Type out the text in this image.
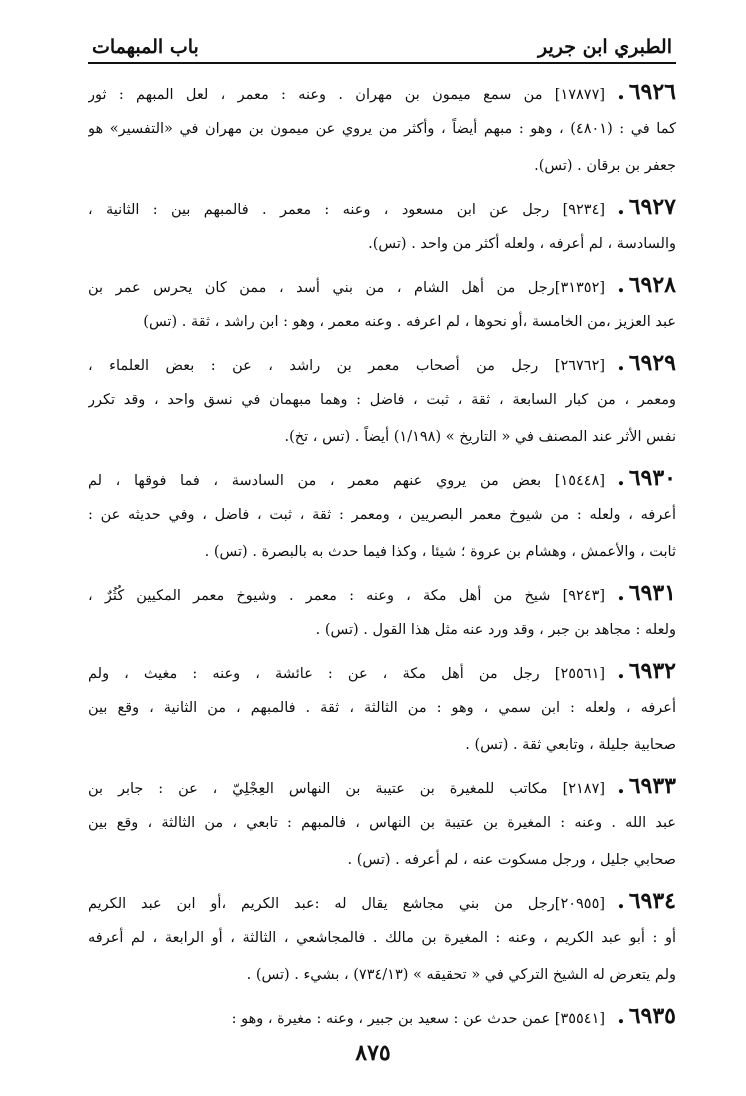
الطبري ابن جرير
باب المبهمات
٦٩٢٦.[١٧٨٧٧] من سمع ميمون بن مهران . وعنه : معمر ، لعل المبهم : ثور
كما في : (٤٨٠١) ، وهو : مبهم أيضاً ، وأكثر من يروي عن ميمون بن مهران في «التفسير» هو
جعفر بن برقان . (تس).
٦٩٢٧.[٩٢٣٤] رجل عن ابن مسعود ، وعنه : معمر . فالمبهم بين : الثانية ،
والسادسة ، لم أعرفه ، ولعله أكثر من واحد . (تس).
٦٩٢٨.[٣١٣٥٢]رجل من أهل الشام ، من بني أسد ، ممن كان يحرس عمر بن
عبد العزيز ،من الخامسة ،أو نحوها ، لم اعرفه . وعنه معمر ، وهو : ابن راشد ، ثقة . (تس)
٦٩٢٩.[٢٦٧٦٢] رجل من أصحاب معمر بن راشد ، عن : بعض العلماء ،
ومعمر ، من كبار السابعة ، ثقة ، ثبت ، فاضل : وهما مبهمان في نسق واحد ، وقد تكرر
نفس الأثر عند المصنف في « التاريخ » (١/١٩٨) أيضاً . (تس ، تخ).
٦٩٣٠.[١٥٤٤٨] بعض من يروي عنهم معمر ، من السادسة ، فما فوقها ، لم
أعرفه ، ولعله : من شيوخ معمر البصريين ، ومعمر : ثقة ، ثبت ، فاضل ، وفي حديثه عن :
ثابت ، والأعمش ، وهشام بن عروة ؛ شيئا ، وكذا فيما حدث به بالبصرة . (تس) .
٦٩٣١.[٩٢٤٣] شيخ من أهل مكة ، وعنه : معمر . وشيوخ معمر المكيين كُثُرٌ ،
ولعله : مجاهد بن جبر ، وقد ورد عنه مثل هذا القول . (تس) .
٦٩٣٢.[٢٥٥٦١] رجل من أهل مكة ، عن : عائشة ، وعنه : مغيث ، ولم
أعرفه ، ولعله : ابن سمي ، وهو : من الثالثة ، ثقة . فالمبهم ، من الثانية ، وقع بين
صحابية جليلة ، وتابعي ثقة . (تس) .
٦٩٣٣.[٢١٨٧] مكاتب للمغيرة بن عتيبة بن النهاس العِجْلِيّ ، عن : جابر بن
عبد الله . وعنه : المغيرة بن عتيبة بن النهاس ، فالمبهم : تابعي ، من الثالثة ، وقع بين
صحابي جليل ، ورجل مسكوت عنه ، لم أعرفه . (تس) .
٦٩٣٤.[٢٠٩٥٥]رجل من بني مجاشع يقال له :عبد الكريم ،أو ابن عبد الكريم
أو : أبو عبد الكريم ، وعنه : المغيرة بن مالك . فالمجاشعي ، الثالثة ، أو الرابعة ، لم أعرفه
ولم يتعرض له الشيخ التركي في « تحقيقه » (٧٣٤/١٣) ، بشيء . (تس) .
٦٩٣٥.[٣٥٥٤١] عمن حدث عن : سعيد بن جبير ، وعنه : مغيرة ، وهو :
٨٧٥
